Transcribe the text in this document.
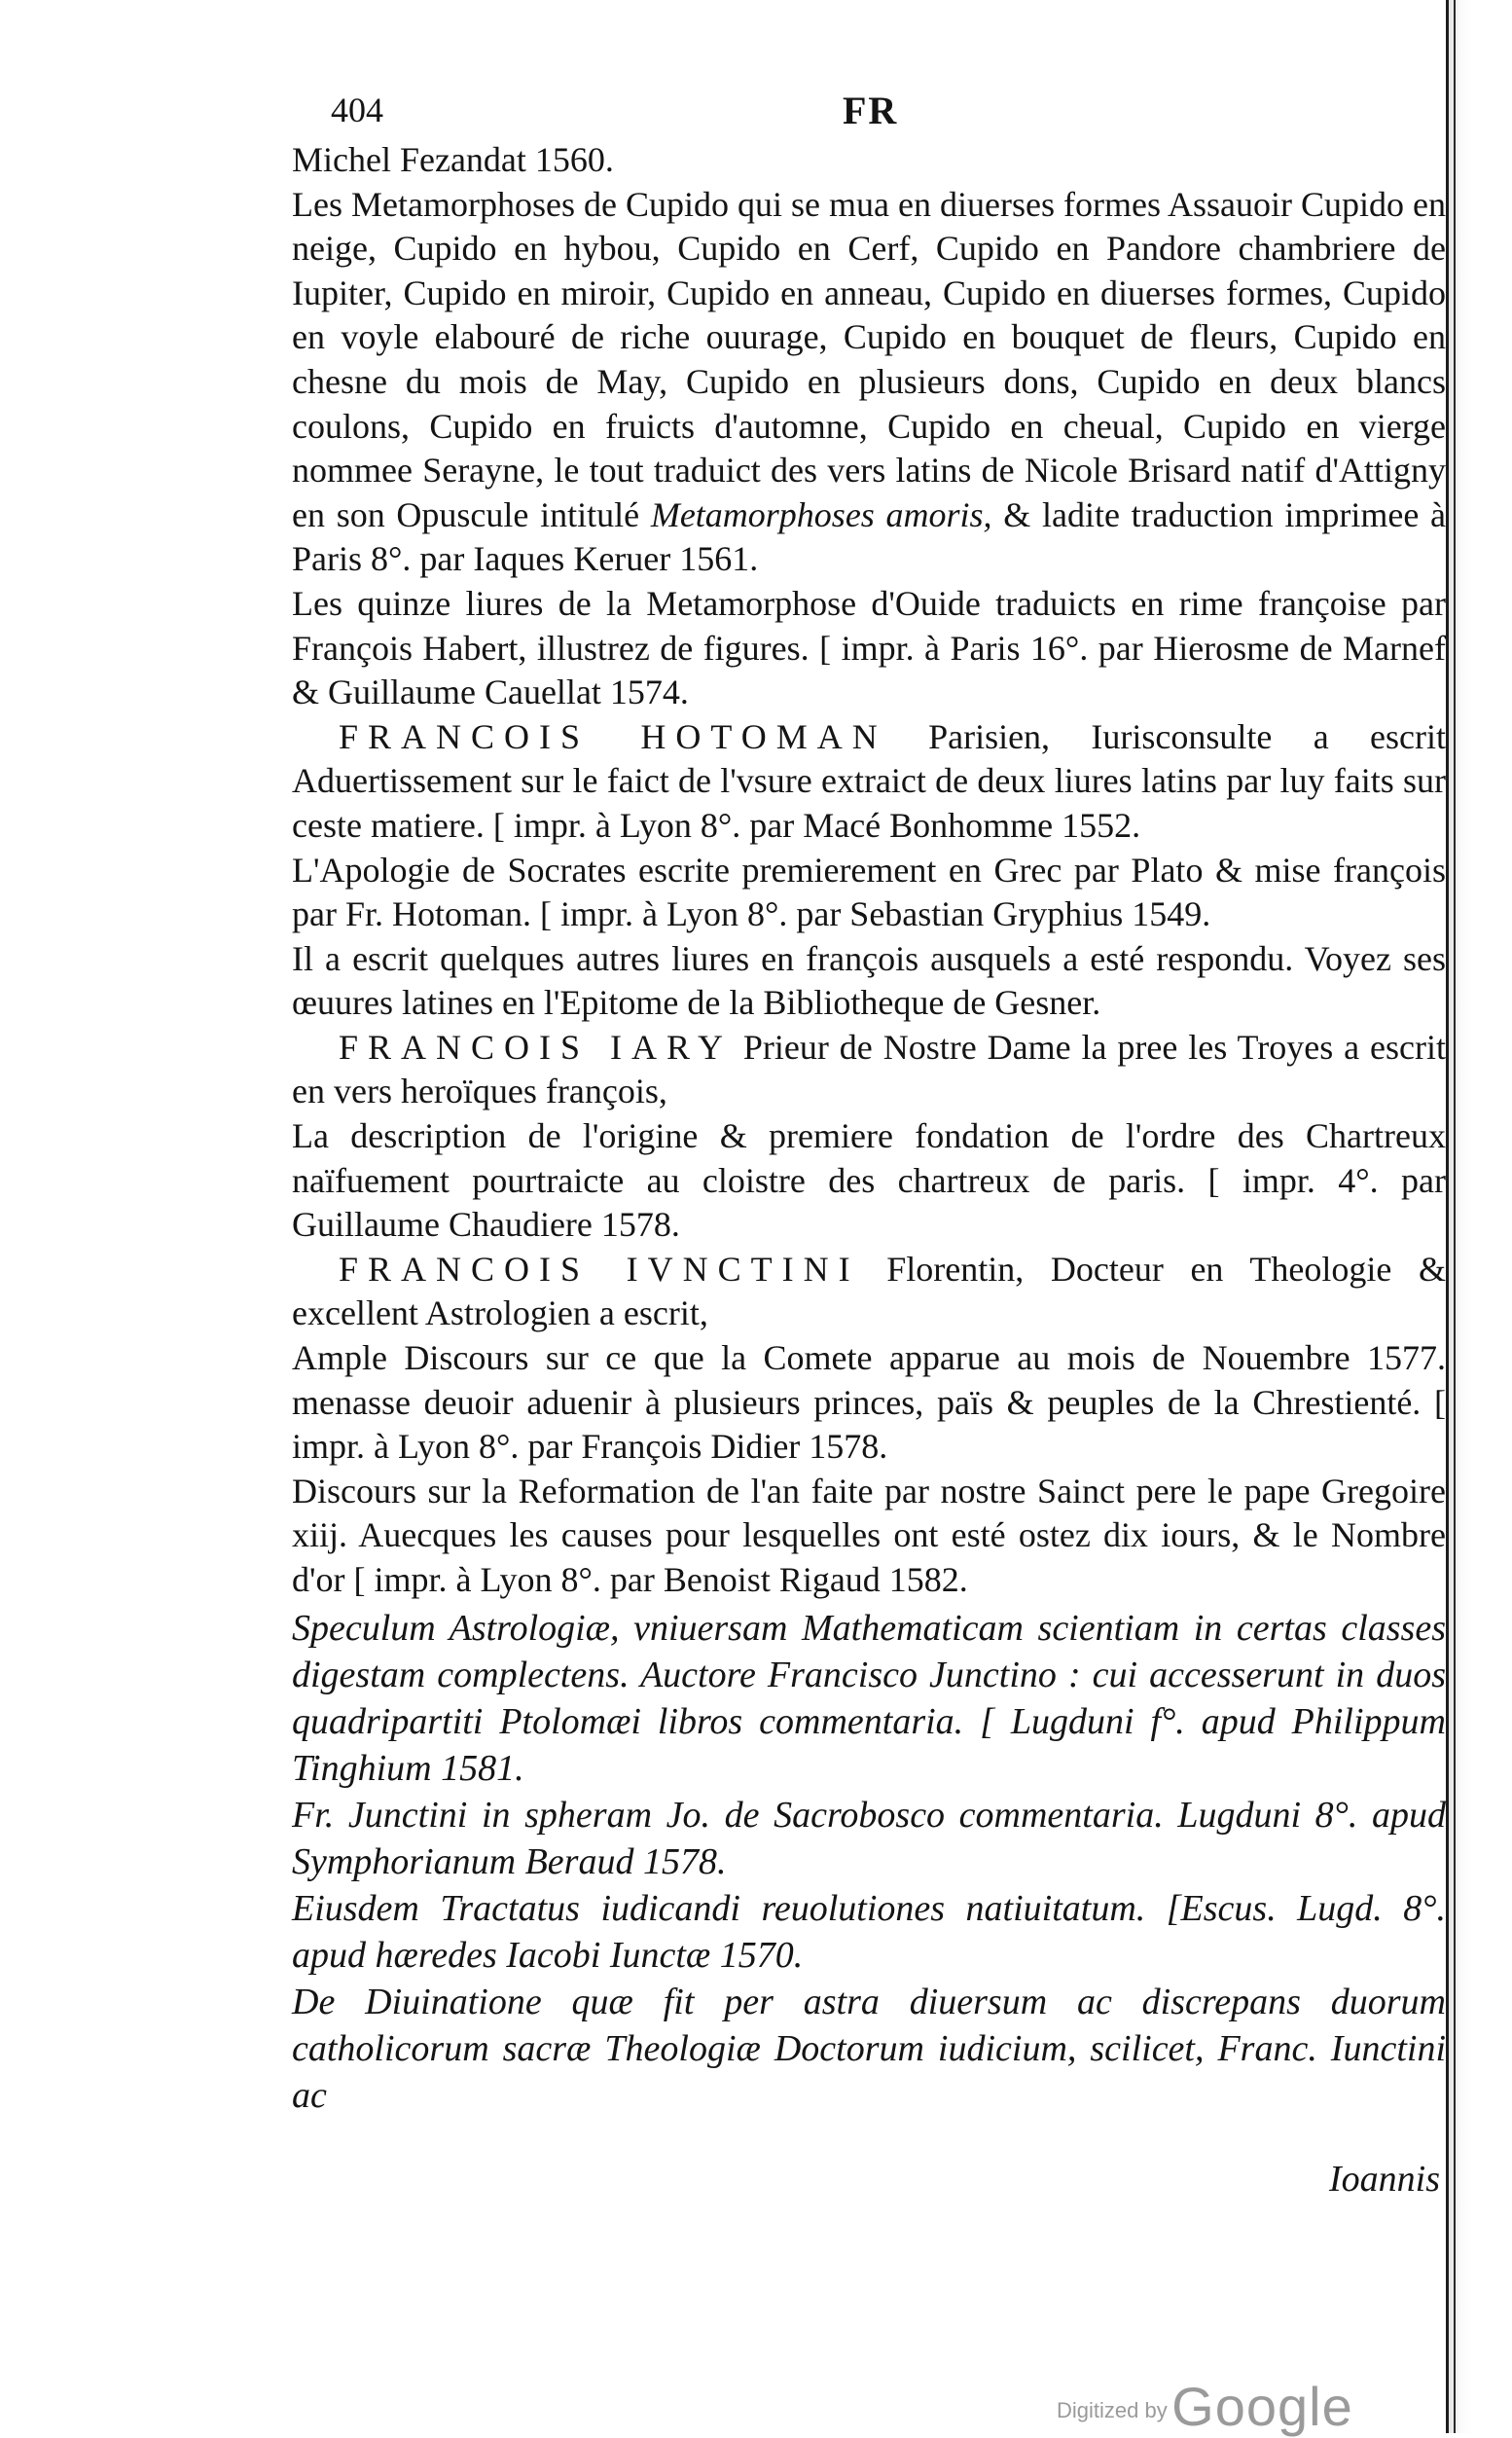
404	FR

Michel Fezandat 1560.

Les Metamorphoses de Cupido qui se mua en diuerses formes Assauoir Cupido en neige, Cupido en hybou, Cupido en Cerf, Cupido en Pandore chambriere de Iupiter, Cupido en miroir, Cupido en anneau, Cupido en diuerses formes, Cupido en voyle elabouré de riche ouurage, Cupido en bouquet de fleurs, Cupido en chesne du mois de May, Cupido en plusieurs dons, Cupido en deux blancs coulons, Cupido en fruicts d'automne, Cupido en cheual, Cupido en vierge nommee Serayne, le tout traduict des vers latins de Nicole Brisard natif d'Attigny en son Opuscule intitulé Metamorphoses amoris, & ladite traduction imprimee à Paris 8°. par Iaques Keruer 1561.

Les quinze liures de la Metamorphose d'Ouide traduicts en rime françoise par François Habert, illustrez de figures. [ impr. à Paris 16°. par Hierosme de Marnef & Guillaume Cauellat 1574.

FRANCOIS HOTOMAN Parisien, Iurisconsulte a escrit Aduertissement sur le faict de l'vsure extraict de deux liures latins par luy faits sur ceste matiere. [ impr. à Lyon 8°. par Macé Bonhomme 1552.

L'Apologie de Socrates escrite premierement en Grec par Plato & mise françois par Fr. Hotoman. [ impr. à Lyon 8°. par Sebastian Gryphius 1549.

Il a escrit quelques autres liures en françois ausquels a esté respondu. Voyez ses œuures latines en l'Epitome de la Bibliotheque de Gesner.

FRANCOIS IARY Prieur de Nostre Dame la pree les Troyes a escrit en vers heroïques françois,

La description de l'origine & premiere fondation de l'ordre des Chartreux naïfuement pourtraicte au cloistre des chartreux de paris. [ impr. 4°. par Guillaume Chaudiere 1578.

FRANCOIS IVNCTINI Florentin, Docteur en Theologie & excellent Astrologien a escrit,

Ample Discours sur ce que la Comete apparue au mois de Nouembre 1577. menasse deuoir aduenir à plusieurs princes, païs & peuples de la Chrestienté. [ impr. à Lyon 8°. par François Didier 1578.

Discours sur la Reformation de l'an faite par nostre Sainct pere le pape Gregoire xiij. Auecques les causes pour lesquelles ont esté ostez dix iours, & le Nombre d'or [ impr. à Lyon 8°. par Benoist Rigaud 1582.

Speculum Astrologiæ, vniuersam Mathematicam scientiam in certas classes digestam complectens. Auctore Francisco Junctino : cui accesserunt in duos quadripartiti Ptolomæi libros commentaria. [ Lugduni f°. apud Philippum Tinghium 1581.

Fr. Junctini in spheram Jo. de Sacrobosco commentaria. Lugduni 8°. apud Symphorianum Beraud 1578.

Eiusdem Tractatus iudicandi reuolutiones natiuitatum. [Escus. Lugd. 8°. apud hæredes Iacobi Iunctæ 1570.

De Diuinatione quæ fit per astra diuersum ac discrepans duorum catholicorum sacræ Theologiæ Doctorum iudicium, scilicet, Franc. Iunctini ac

Ioannis

Digitized by Google
